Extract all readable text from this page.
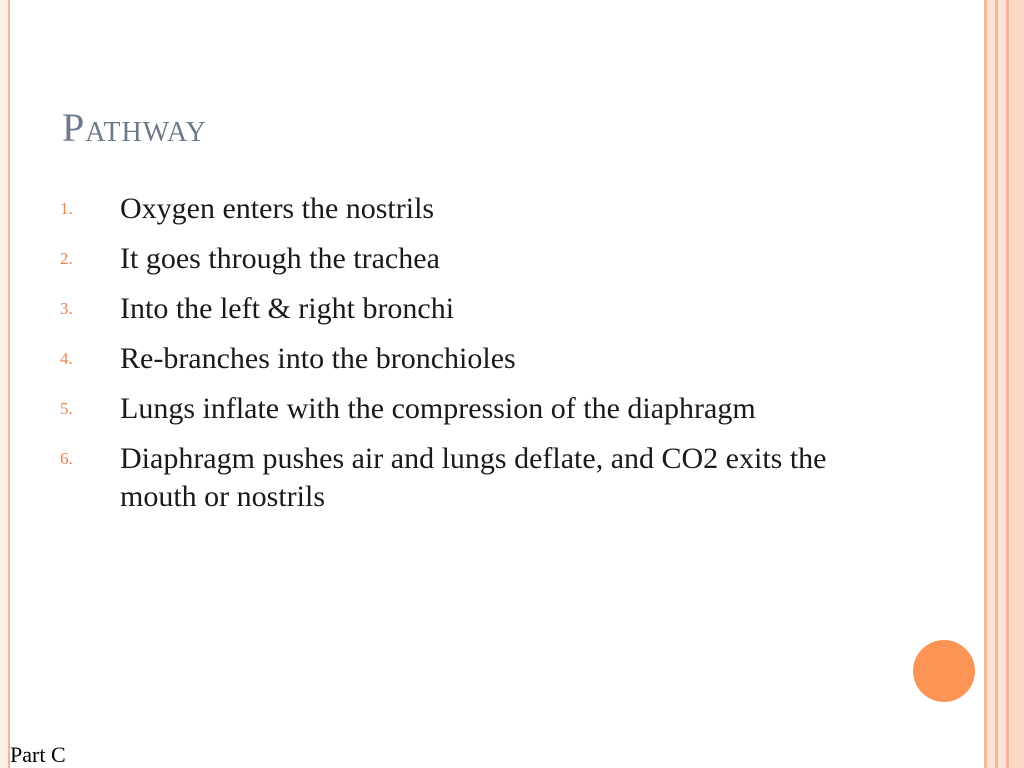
Pathway
1. Oxygen enters the nostrils
2. It goes through the trachea
3. Into the left & right bronchi
4. Re-branches into the bronchioles
5. Lungs inflate with the compression of the diaphragm
6. Diaphragm pushes air and lungs deflate, and CO2 exits the mouth or nostrils
Part C
